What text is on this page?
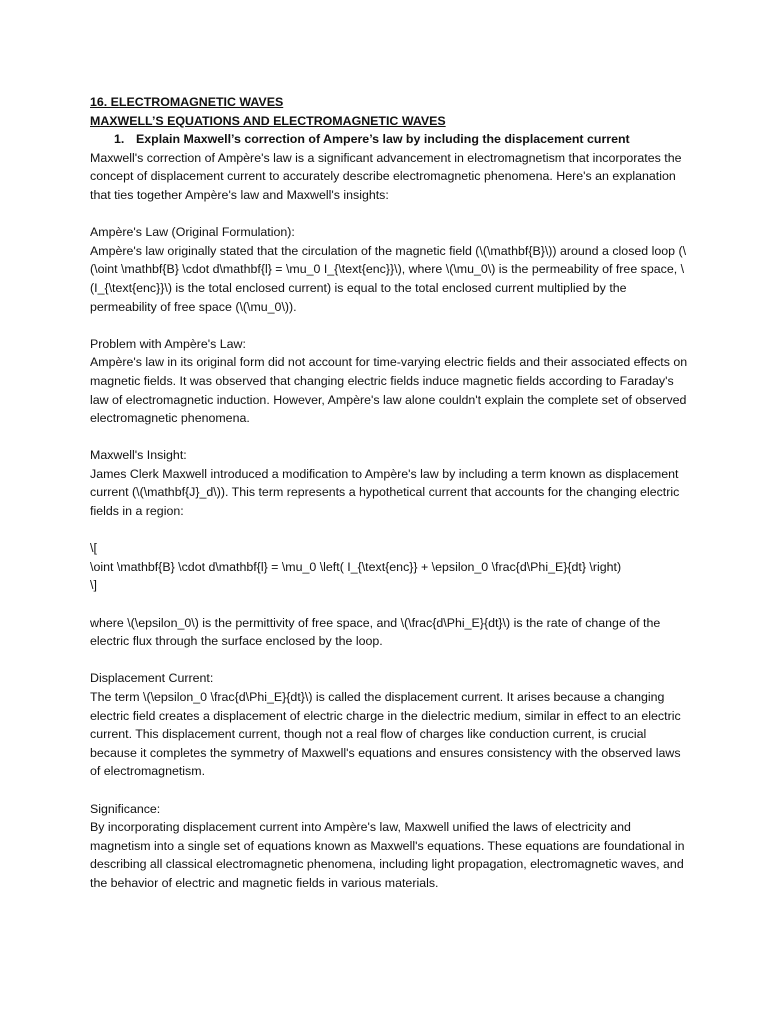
16. ELECTROMAGNETIC WAVES

MAXWELL’S EQUATIONS AND ELECTROMAGNETIC WAVES

1. Explain Maxwell’s correction of Ampere’s law by including the displacement current

Maxwell's correction of Ampère's law is a significant advancement in electromagnetism that incorporates the concept of displacement current to accurately describe electromagnetic phenomena. Here's an explanation that ties together Ampère's law and Maxwell's insights:

Ampère's Law (Original Formulation):

Ampère's law originally stated that the circulation of the magnetic field (\(\mathbf{B}\)) around a closed loop (\(\oint \mathbf{B} \cdot d\mathbf{l} = \mu_0 I_{\text{enc}}\), where \(\mu_0\) is the permeability of free space, \(I_{\text{enc}}\) is the total enclosed current) is equal to the total enclosed current multiplied by the permeability of free space (\(\mu_0\)).

Problem with Ampère's Law:

Ampère's law in its original form did not account for time-varying electric fields and their associated effects on magnetic fields. It was observed that changing electric fields induce magnetic fields according to Faraday's law of electromagnetic induction. However, Ampère's law alone couldn't explain the complete set of observed electromagnetic phenomena.

Maxwell's Insight:

James Clerk Maxwell introduced a modification to Ampère's law by including a term known as displacement current (\(\mathbf{J}_d\)). This term represents a hypothetical current that accounts for the changing electric fields in a region:

\[

\oint \mathbf{B} \cdot d\mathbf{l} = \mu_0 \left( I_{\text{enc}} + \epsilon_0 \frac{d\Phi_E}{dt} \right)

\]

where \(\epsilon_0\) is the permittivity of free space, and \(\frac{d\Phi_E}{dt}\) is the rate of change of the electric flux through the surface enclosed by the loop.

Displacement Current:

The term \(\epsilon_0 \frac{d\Phi_E}{dt}\) is called the displacement current. It arises because a changing electric field creates a displacement of electric charge in the dielectric medium, similar in effect to an electric current. This displacement current, though not a real flow of charges like conduction current, is crucial because it completes the symmetry of Maxwell's equations and ensures consistency with the observed laws of electromagnetism.

Significance:

By incorporating displacement current into Ampère's law, Maxwell unified the laws of electricity and magnetism into a single set of equations known as Maxwell's equations. These equations are foundational in describing all classical electromagnetic phenomena, including light propagation, electromagnetic waves, and the behavior of electric and magnetic fields in various materials.
